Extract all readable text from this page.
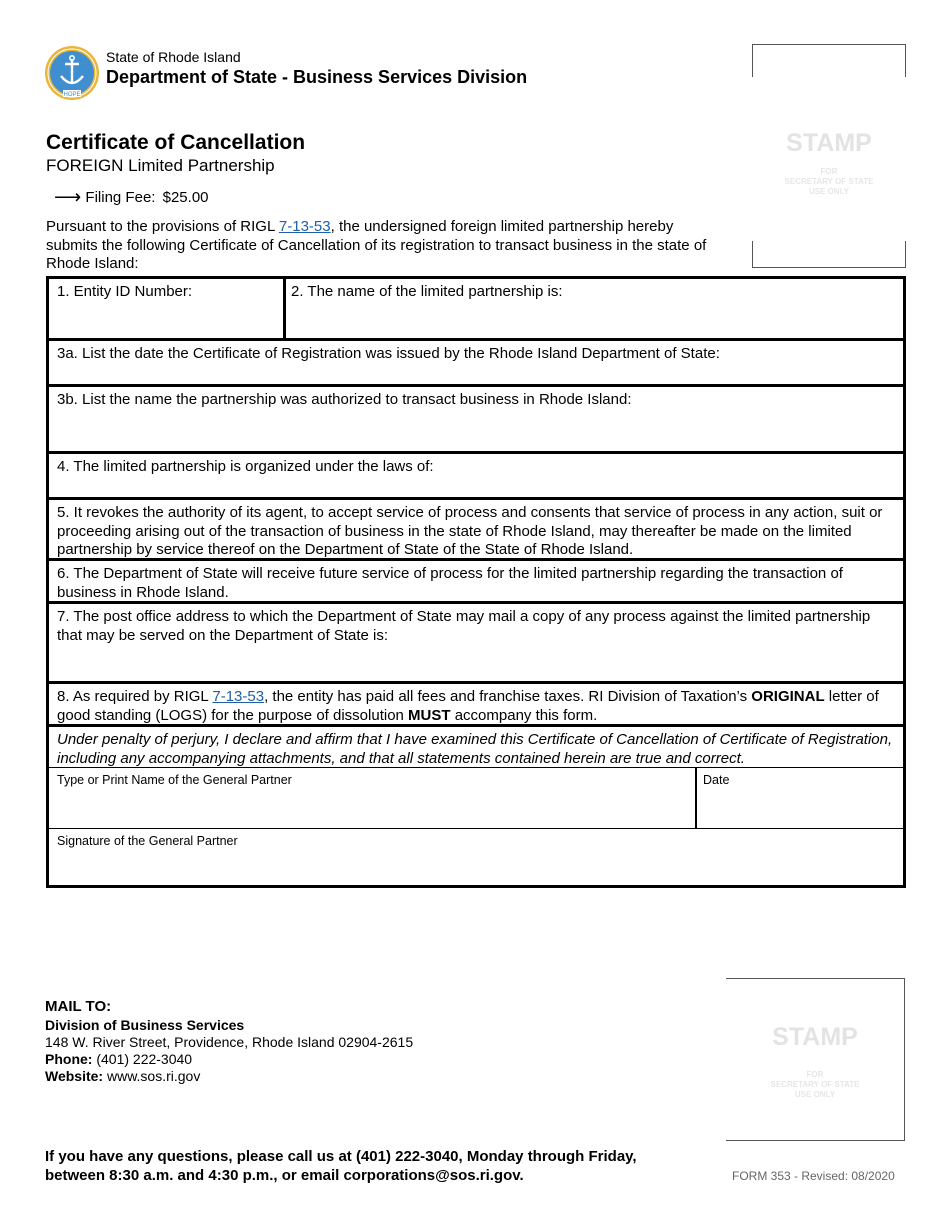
HOPE
State of Rhode Island
Department of State - Business Services Division
STAMP
FOR
SECRETARY OF STATE
USE ONLY
Certificate of Cancellation
FOREIGN Limited Partnership
⟶ Filing Fee: $25.00
Pursuant to the provisions of RIGL 7-13-53, the undersigned foreign limited partnership hereby submits the following Certificate of Cancellation of its registration to transact business in the state of Rhode Island:
1. Entity ID Number:	2. The name of the limited partnership is:
3a. List the date the Certificate of Registration was issued by the Rhode Island Department of State:
3b. List the name the partnership was authorized to transact business in Rhode Island:
4. The limited partnership is organized under the laws of:
5. It revokes the authority of its agent, to accept service of process and consents that service of process in any action, suit or proceeding arising out of the transaction of business in the state of Rhode Island, may thereafter be made on the limited partnership by service thereof on the Department of State of the State of Rhode Island.
6. The Department of State will receive future service of process for the limited partnership regarding the transaction of business in Rhode Island.
7. The post office address to which the Department of State may mail a copy of any process against the limited partnership that may be served on the Department of State is:
8. As required by RIGL 7-13-53, the entity has paid all fees and franchise taxes. RI Division of Taxation’s ORIGINAL letter of good standing (LOGS) for the purpose of dissolution MUST accompany this form.
Under penalty of perjury, I declare and affirm that I have examined this Certificate of Cancellation of Certificate of Registration, including any accompanying attachments, and that all statements contained herein are true and correct.
Type or Print Name of the General Partner	Date
Signature of the General Partner
MAIL TO:
Division of Business Services
148 W. River Street, Providence, Rhode Island 02904-2615
Phone: (401) 222-3040
Website: www.sos.ri.gov
STAMP
FOR
SECRETARY OF STATE
USE ONLY
If you have any questions, please call us at (401) 222-3040, Monday through Friday,
between 8:30 a.m. and 4:30 p.m., or email corporations@sos.ri.gov.	FORM 353 - Revised: 08/2020
